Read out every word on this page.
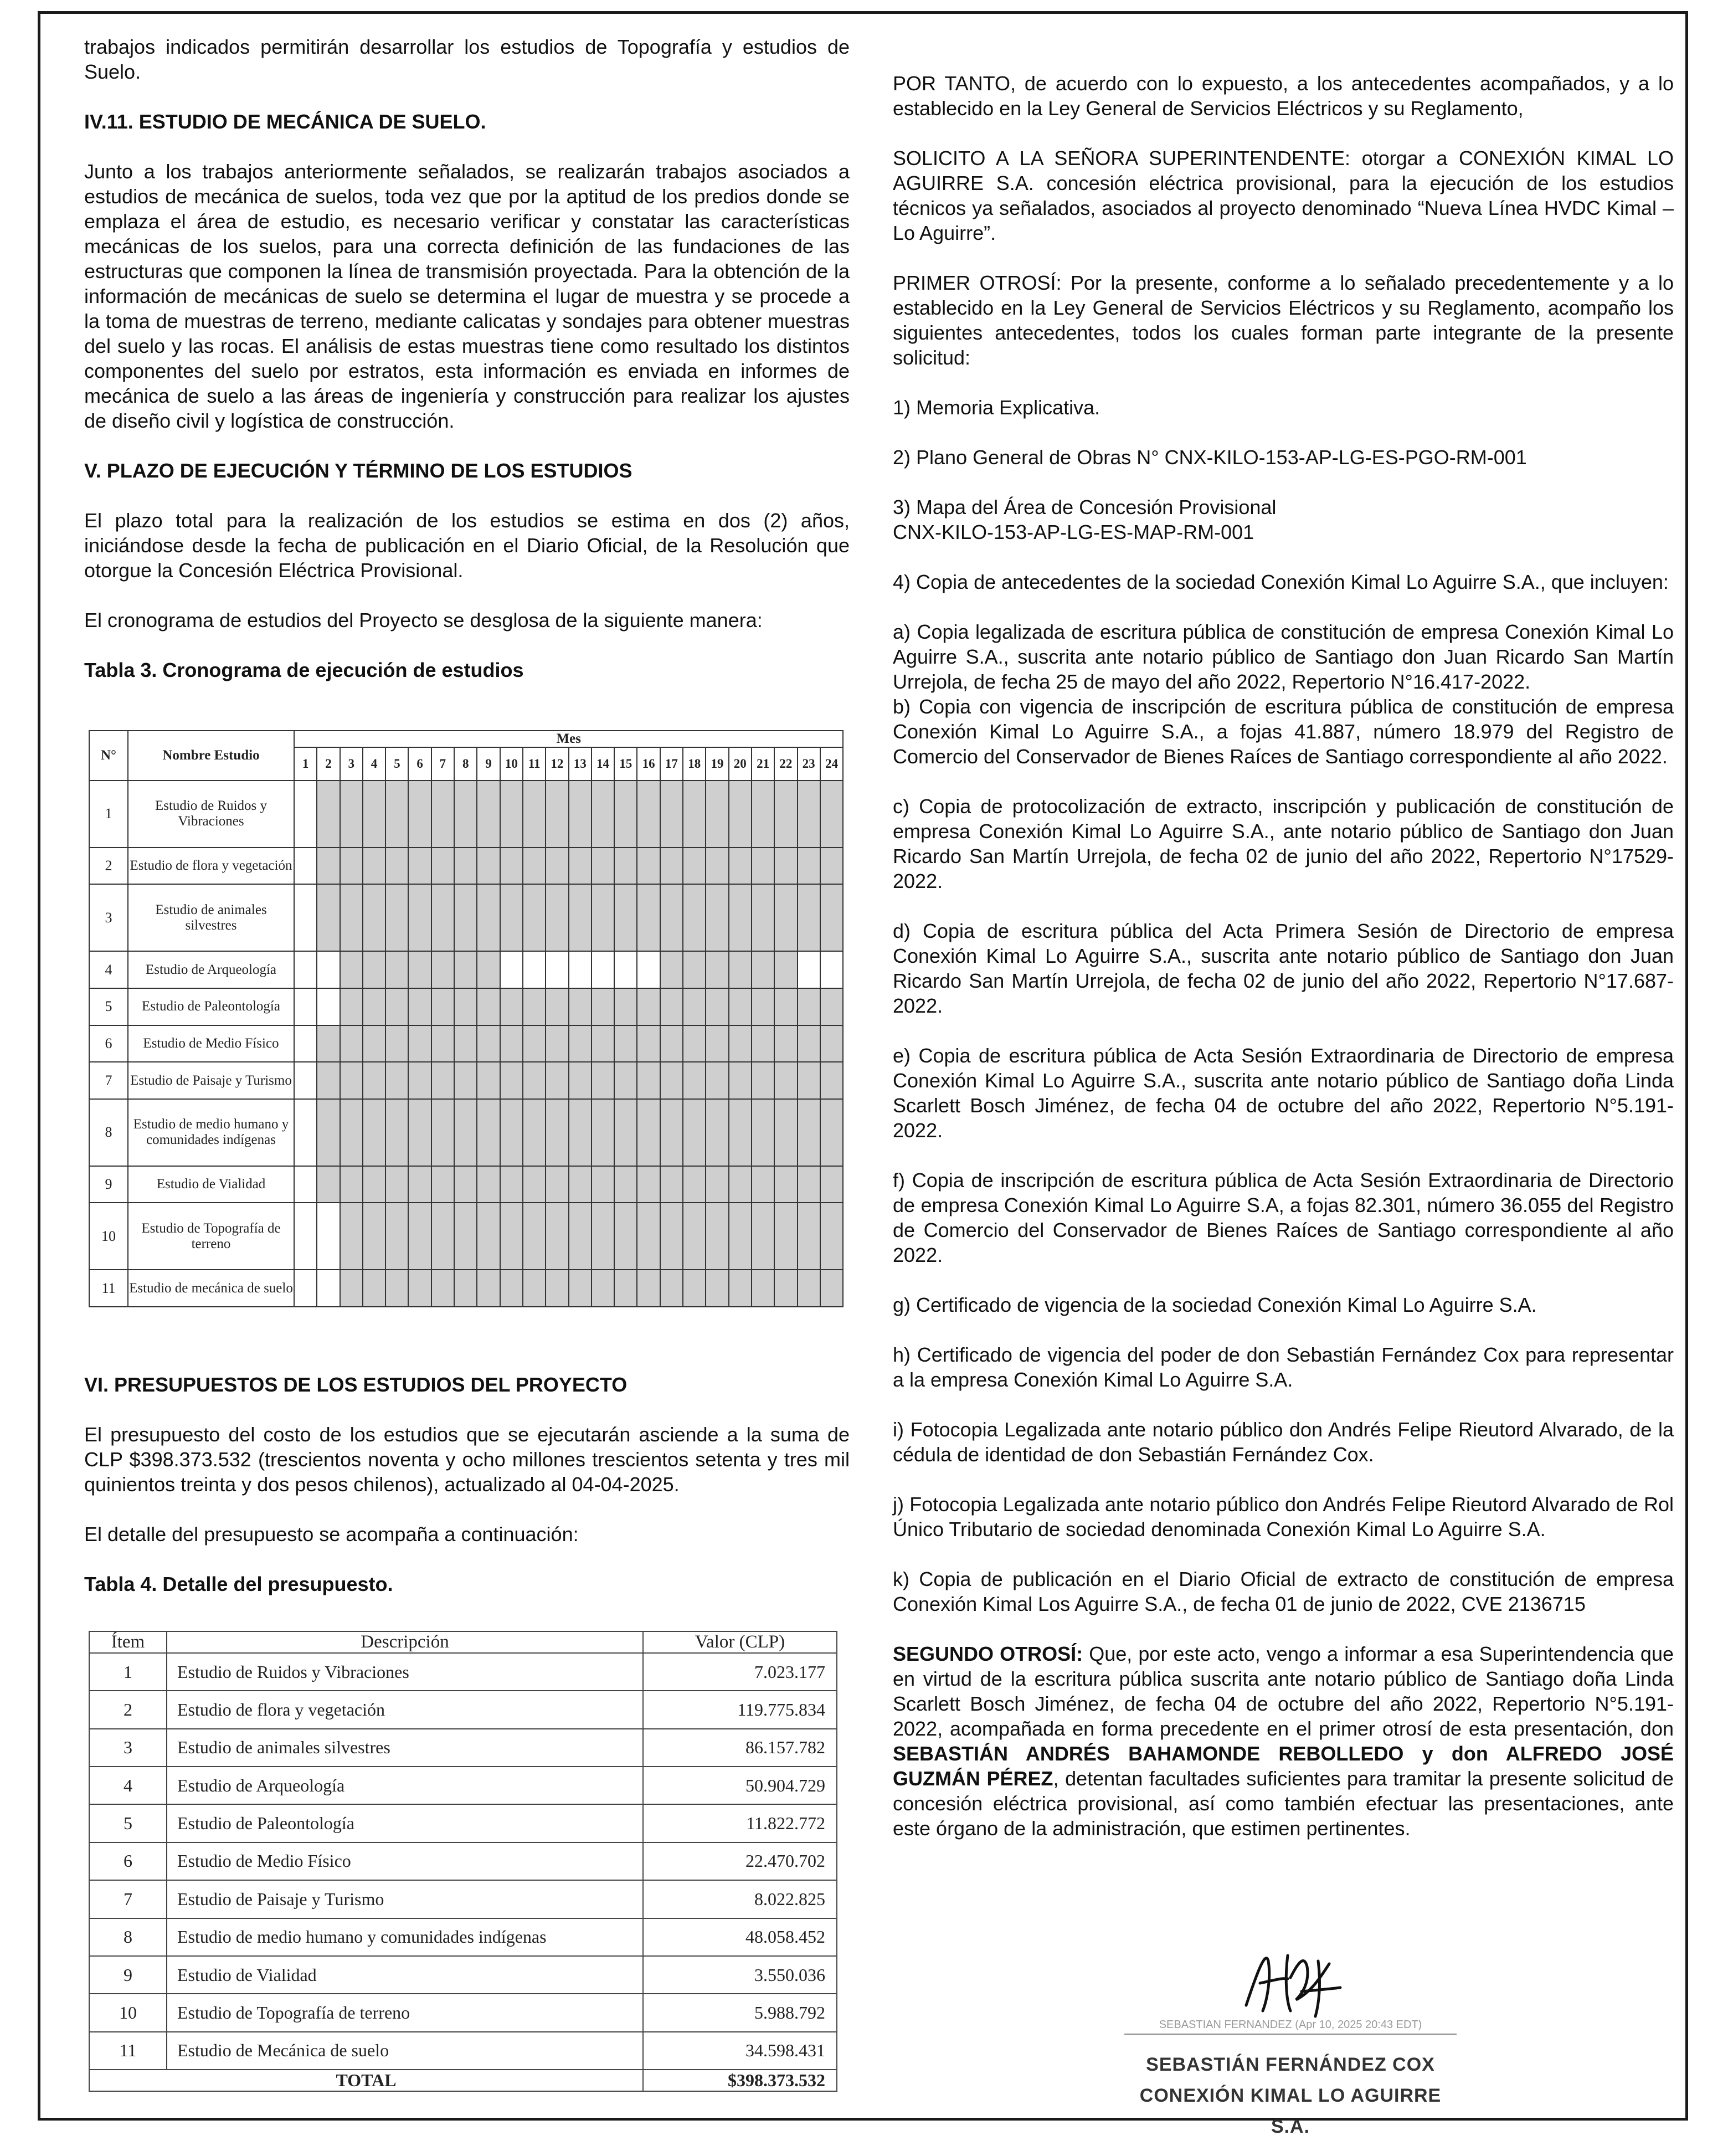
trabajos indicados permitirán desarrollar los estudios de Topografía y estudios de Suelo.

IV.11. ESTUDIO DE MECÁNICA DE SUELO.

Junto a los trabajos anteriormente señalados, se realizarán trabajos asociados a estudios de mecánica de suelos, toda vez que por la aptitud de los predios donde se emplaza el área de estudio, es necesario verificar y constatar las características mecánicas de los suelos, para una correcta definición de las fundaciones de las estructuras que componen la línea de transmisión proyectada. Para la obtención de la información de mecánicas de suelo se determina el lugar de muestra y se procede a la toma de muestras de terreno, mediante calicatas y sondajes para obtener muestras del suelo y las rocas. El análisis de estas muestras tiene como resultado los distintos componentes del suelo por estratos, esta información es enviada en informes de mecánica de suelo a las áreas de ingeniería y construcción para realizar los ajustes de diseño civil y logística de construcción.

V. PLAZO DE EJECUCIÓN Y TÉRMINO DE LOS ESTUDIOS

El plazo total para la realización de los estudios se estima en dos (2) años, iniciándose desde la fecha de publicación en el Diario Oficial, de la Resolución que otorgue la Concesión Eléctrica Provisional.

El cronograma de estudios del Proyecto se desglosa de la siguiente manera:

Tabla 3. Cronograma de ejecución de estudios

N°	Nombre Estudio	Mes																							
		1	2	3	4	5	6	7	8	9	10	11	12	13	14	15	16	17	18	19	20	21	22	23	24
1	Estudio de Ruidos y Vibraciones																								
2	Estudio de flora y vegetación																								
3	Estudio de animales silvestres																								
4	Estudio de Arqueología																								
5	Estudio de Paleontología																								
6	Estudio de Medio Físico																								
7	Estudio de Paisaje y Turismo																								
8	Estudio de medio humano y comunidades indígenas																								
9	Estudio de Vialidad																								
10	Estudio de Topografía de terreno																								
11	Estudio de mecánica de suelo																								

VI. PRESUPUESTOS DE LOS ESTUDIOS DEL PROYECTO

El presupuesto del costo de los estudios que se ejecutarán asciende a la suma de CLP $398.373.532 (trescientos noventa y ocho millones trescientos setenta y tres mil quinientos treinta y dos pesos chilenos), actualizado al 04-04-2025.

El detalle del presupuesto se acompaña a continuación:

Tabla 4. Detalle del presupuesto.

Ítem	Descripción	Valor (CLP)
1	Estudio de Ruidos y Vibraciones	7.023.177
2	Estudio de flora y vegetación	119.775.834
3	Estudio de animales silvestres	86.157.782
4	Estudio de Arqueología	50.904.729
5	Estudio de Paleontología	11.822.772
6	Estudio de Medio Físico	22.470.702
7	Estudio de Paisaje y Turismo	8.022.825
8	Estudio de medio humano y comunidades indígenas	48.058.452
9	Estudio de Vialidad	3.550.036
10	Estudio de Topografía de terreno	5.988.792
11	Estudio de Mecánica de suelo	34.598.431
TOTAL		$398.373.532

POR TANTO, de acuerdo con lo expuesto, a los antecedentes acompañados, y a lo establecido en la Ley General de Servicios Eléctricos y su Reglamento,

SOLICITO A LA SEÑORA SUPERINTENDENTE: otorgar a CONEXIÓN KIMAL LO AGUIRRE S.A. concesión eléctrica provisional, para la ejecución de los estudios técnicos ya señalados, asociados al proyecto denominado “Nueva Línea HVDC Kimal – Lo Aguirre”.

PRIMER OTROSÍ: Por la presente, conforme a lo señalado precedentemente y a lo establecido en la Ley General de Servicios Eléctricos y su Reglamento, acompaño los siguientes antecedentes, todos los cuales forman parte integrante de la presente solicitud:

1) Memoria Explicativa.

2) Plano General de Obras N° CNX-KILO-153-AP-LG-ES-PGO-RM-001

3) Mapa del Área de Concesión Provisional

CNX-KILO-153-AP-LG-ES-MAP-RM-001

4) Copia de antecedentes de la sociedad Conexión Kimal Lo Aguirre S.A., que incluyen:

a) Copia legalizada de escritura pública de constitución de empresa Conexión Kimal Lo Aguirre S.A., suscrita ante notario público de Santiago don Juan Ricardo San Martín Urrejola, de fecha 25 de mayo del año 2022, Repertorio N°16.417-2022.

b) Copia con vigencia de inscripción de escritura pública de constitución de empresa Conexión Kimal Lo Aguirre S.A., a fojas 41.887, número 18.979 del Registro de Comercio del Conservador de Bienes Raíces de Santiago correspondiente al año 2022.

c) Copia de protocolización de extracto, inscripción y publicación de constitución de empresa Conexión Kimal Lo Aguirre S.A., ante notario público de Santiago don Juan Ricardo San Martín Urrejola, de fecha 02 de junio del año 2022, Repertorio N°17529-2022.

d) Copia de escritura pública del Acta Primera Sesión de Directorio de empresa Conexión Kimal Lo Aguirre S.A., suscrita ante notario público de Santiago don Juan Ricardo San Martín Urrejola, de fecha 02 de junio del año 2022, Repertorio N°17.687-2022.

e) Copia de escritura pública de Acta Sesión Extraordinaria de Directorio de empresa Conexión Kimal Lo Aguirre S.A., suscrita ante notario público de Santiago doña Linda Scarlett Bosch Jiménez, de fecha 04 de octubre del año 2022, Repertorio N°5.191-2022.

f) Copia de inscripción de escritura pública de Acta Sesión Extraordinaria de Directorio de empresa Conexión Kimal Lo Aguirre S.A, a fojas 82.301, número 36.055 del Registro de Comercio del Conservador de Bienes Raíces de Santiago correspondiente al año 2022.

g) Certificado de vigencia de la sociedad Conexión Kimal Lo Aguirre S.A.

h) Certificado de vigencia del poder de don Sebastián Fernández Cox para representar a la empresa Conexión Kimal Lo Aguirre S.A.

i) Fotocopia Legalizada ante notario público don Andrés Felipe Rieutord Alvarado, de la cédula de identidad de don Sebastián Fernández Cox.

j) Fotocopia Legalizada ante notario público don Andrés Felipe Rieutord Alvarado de Rol Único Tributario de sociedad denominada Conexión Kimal Lo Aguirre S.A.

k) Copia de publicación en el Diario Oficial de extracto de constitución de empresa Conexión Kimal Los Aguirre S.A., de fecha 01 de junio de 2022, CVE 2136715

SEGUNDO OTROSÍ: Que, por este acto, vengo a informar a esa Superintendencia que en virtud de la escritura pública suscrita ante notario público de Santiago doña Linda Scarlett Bosch Jiménez, de fecha 04 de octubre del año 2022, Repertorio N°5.191-2022, acompañada en forma precedente en el primer otrosí de esta presentación, don SEBASTIÁN ANDRÉS BAHAMONDE REBOLLEDO y don ALFREDO JOSÉ GUZMÁN PÉREZ, detentan facultades suficientes para tramitar la presente solicitud de concesión eléctrica provisional, así como también efectuar las presentaciones, ante este órgano de la administración, que estimen pertinentes.

SEBASTIAN FERNANDEZ (Apr 10, 2025 20:43 EDT)
SEBASTIÁN FERNÁNDEZ COX
CONEXIÓN KIMAL LO AGUIRRE S.A.
